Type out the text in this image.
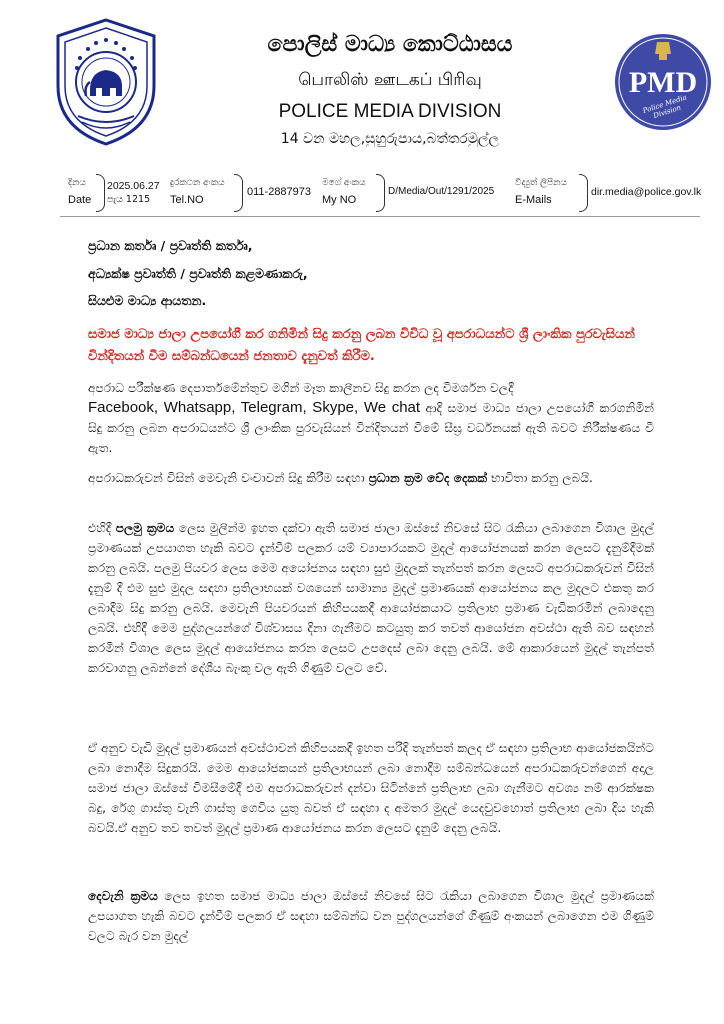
පොලිස් මාධ්‍ය කොට්ඨාසය
பொலிஸ் ஊடகப் பிரிவு
POLICE MEDIA DIVISION
14 වන මහල,සුහුරුපාය,බත්තරමුල්ල
PMD
Police Media Division
දිනය
Date
2025.06.27
පැය 1215
දුරකථන අංකය
Tel.NO
011-2887973
මගේ අංකය
My NO
D/Media/Out/1291/2025
විද්‍යුත් ලිපිනය
E-Mails
dir.media@police.gov.lk
ප්‍රධාන කර්තෘ / ප්‍රවෘත්ති කර්තෘ,
අධ්‍යක්ෂ ප්‍රවෘත්ති / ප්‍රවෘත්ති කළමණාකරු,
සියළුම මාධ්‍ය ආයතන.
සමාජ මාධ්‍ය ජාලා උපයෝගී කර ගනිමින් සිදු කරනු ලබන විවිධ වූ අපරාධයන්ට ශ්‍රී ලාංකික පුරවැසියන් වින්දිතයන් වීම සම්බන්ධයෙන් ජනතාව දැනුවත් කිරීම.
අපරාධ පරීක්ෂණ දෙපාර්තමේන්තුව මගින් මෑත කාලීනව සිදු කරන ලද විමර්ශන වලදී
Facebook, Whatsapp, Telegram, Skype, We chat ආදි සමාජ මාධ්‍ය ජාලා උපයෝගී කරගනිමින් සිදු කරනු ලබන අපරාධයන්ට ශ්‍රී ලාංකික පුරවැසියන් වින්දිතයන් වීමේ සීඝ්‍ර වර්ධනයක් ඇති බවට නිරීක්ෂණය වී ඇත.
අපරාධකරුවන් විසින් මෙවැනි වංචාවන් සිදු කිරීම සඳහා ප්‍රධාන ක්‍රම වේද දෙකක් භාවිතා කරනු ලබයි.
එහිදී පලමු ක්‍රමය ලෙස මුලින්ම ඉහත දක්වා ඇති සමාජ ජාලා ඔස්සේ නිවසේ සිට රැකියා ලබාගෙන විශාල මුදල් ප්‍රමාණයක් උපයාගත හැකි බවට දැන්වීම් පලකර යම් ව්‍යාපාරයකට මුදල් ආයෝජනයක් කරන ලෙසට දැනුම්දීමක් කරනු ලබයි. පලමු පියවර ලෙස මෙම අයෝජනය සඳහා සුළු මුදලක් තැන්පත් කරන ලෙසට අපරාධකරුවන් විසින් දැනුම් දී එම සුළු මුදල සඳහා ප්‍රතිලාභයක් වශයෙන් සාමාන්‍ය මුදල් ප්‍රමාණයක් ආයෝජනය කල මුදලට එකතු කර ලබාදීම සිදු කරනු ලබයි. මෙවැනි පියවරයන් කිහිපයකදී ආයෝජකයාට ප්‍රතිලාභ ප්‍රමාණ වැඩිකරමින් ලබාදෙනු ලබයි. එහිදී මෙම පුද්ගලයන්ගේ විශ්වාසය දිනා ගැනීමට කටයුතු කර තවත් ආයෝජන අවස්ථා ඇති බව සඳහන් කරමින් විශාල ලෙස මුදල් ආයෝජනය කරන ලෙසට උපදෙස් ලබා දෙනු ලබයි. මේ ආකාරයෙන් මුදල් තැන්පත් කරවාගනු ලබන්නේ දේශීය බැංකු වල ඇති ගිණුම් වලට වේ.
ඒ අනුව වැඩි මුදල් ප්‍රමාණයන් අවස්ථාවන් කිහිපයකදී ඉහත පරිදි තැන්පත් කලද ඒ සඳහා ප්‍රතිලාභ ආයෝජකයින්ට ලබා නොදීම සිදුකරයි. මෙම ආයෝජකයන් ප්‍රතිලාභයන් ලබා නොදීම සම්බන්ධයෙන් අපරාධකරුවන්ගෙන් අදාල සමාජ ජාලා ඔස්සේ විමසීමේදී එම අපරාධකරුවන් දන්වා සිටින්නේ ප්‍රතිලාභ ලබා ගැනීමට අවශ්‍ය නම් ආරක්ෂක බදු, රේගු ගාස්තු වැනි ගාස්තු ගෙවිය යුතු බවත් ඒ සඳහා ද අමතර මුදල් යෙදවුවහොත් ප්‍රතිලාභ ලබා දිය හැකි බවයි.ඒ අනුව තව තවත් මුදල් ප්‍රමාණ ආයෝජනය කරන ලෙසට දැනුම් දෙනු ලබයි.
දෙවැනි ක්‍රමය ලෙස ඉහත සමාජ මාධ්‍ය ජාලා ඔස්සේ නිවසේ සිට රැකියා ලබාගෙන විශාල මුදල් ප්‍රමාණයක් උපයාගත හැකි බවට දැන්වීම් පලකර ඒ සඳහා සම්බන්ධ වන පුද්ගලයන්ගේ ගිණුම් අංකයන් ලබාගෙන එම ගිණුම් වලට බැර වන මුදල්
